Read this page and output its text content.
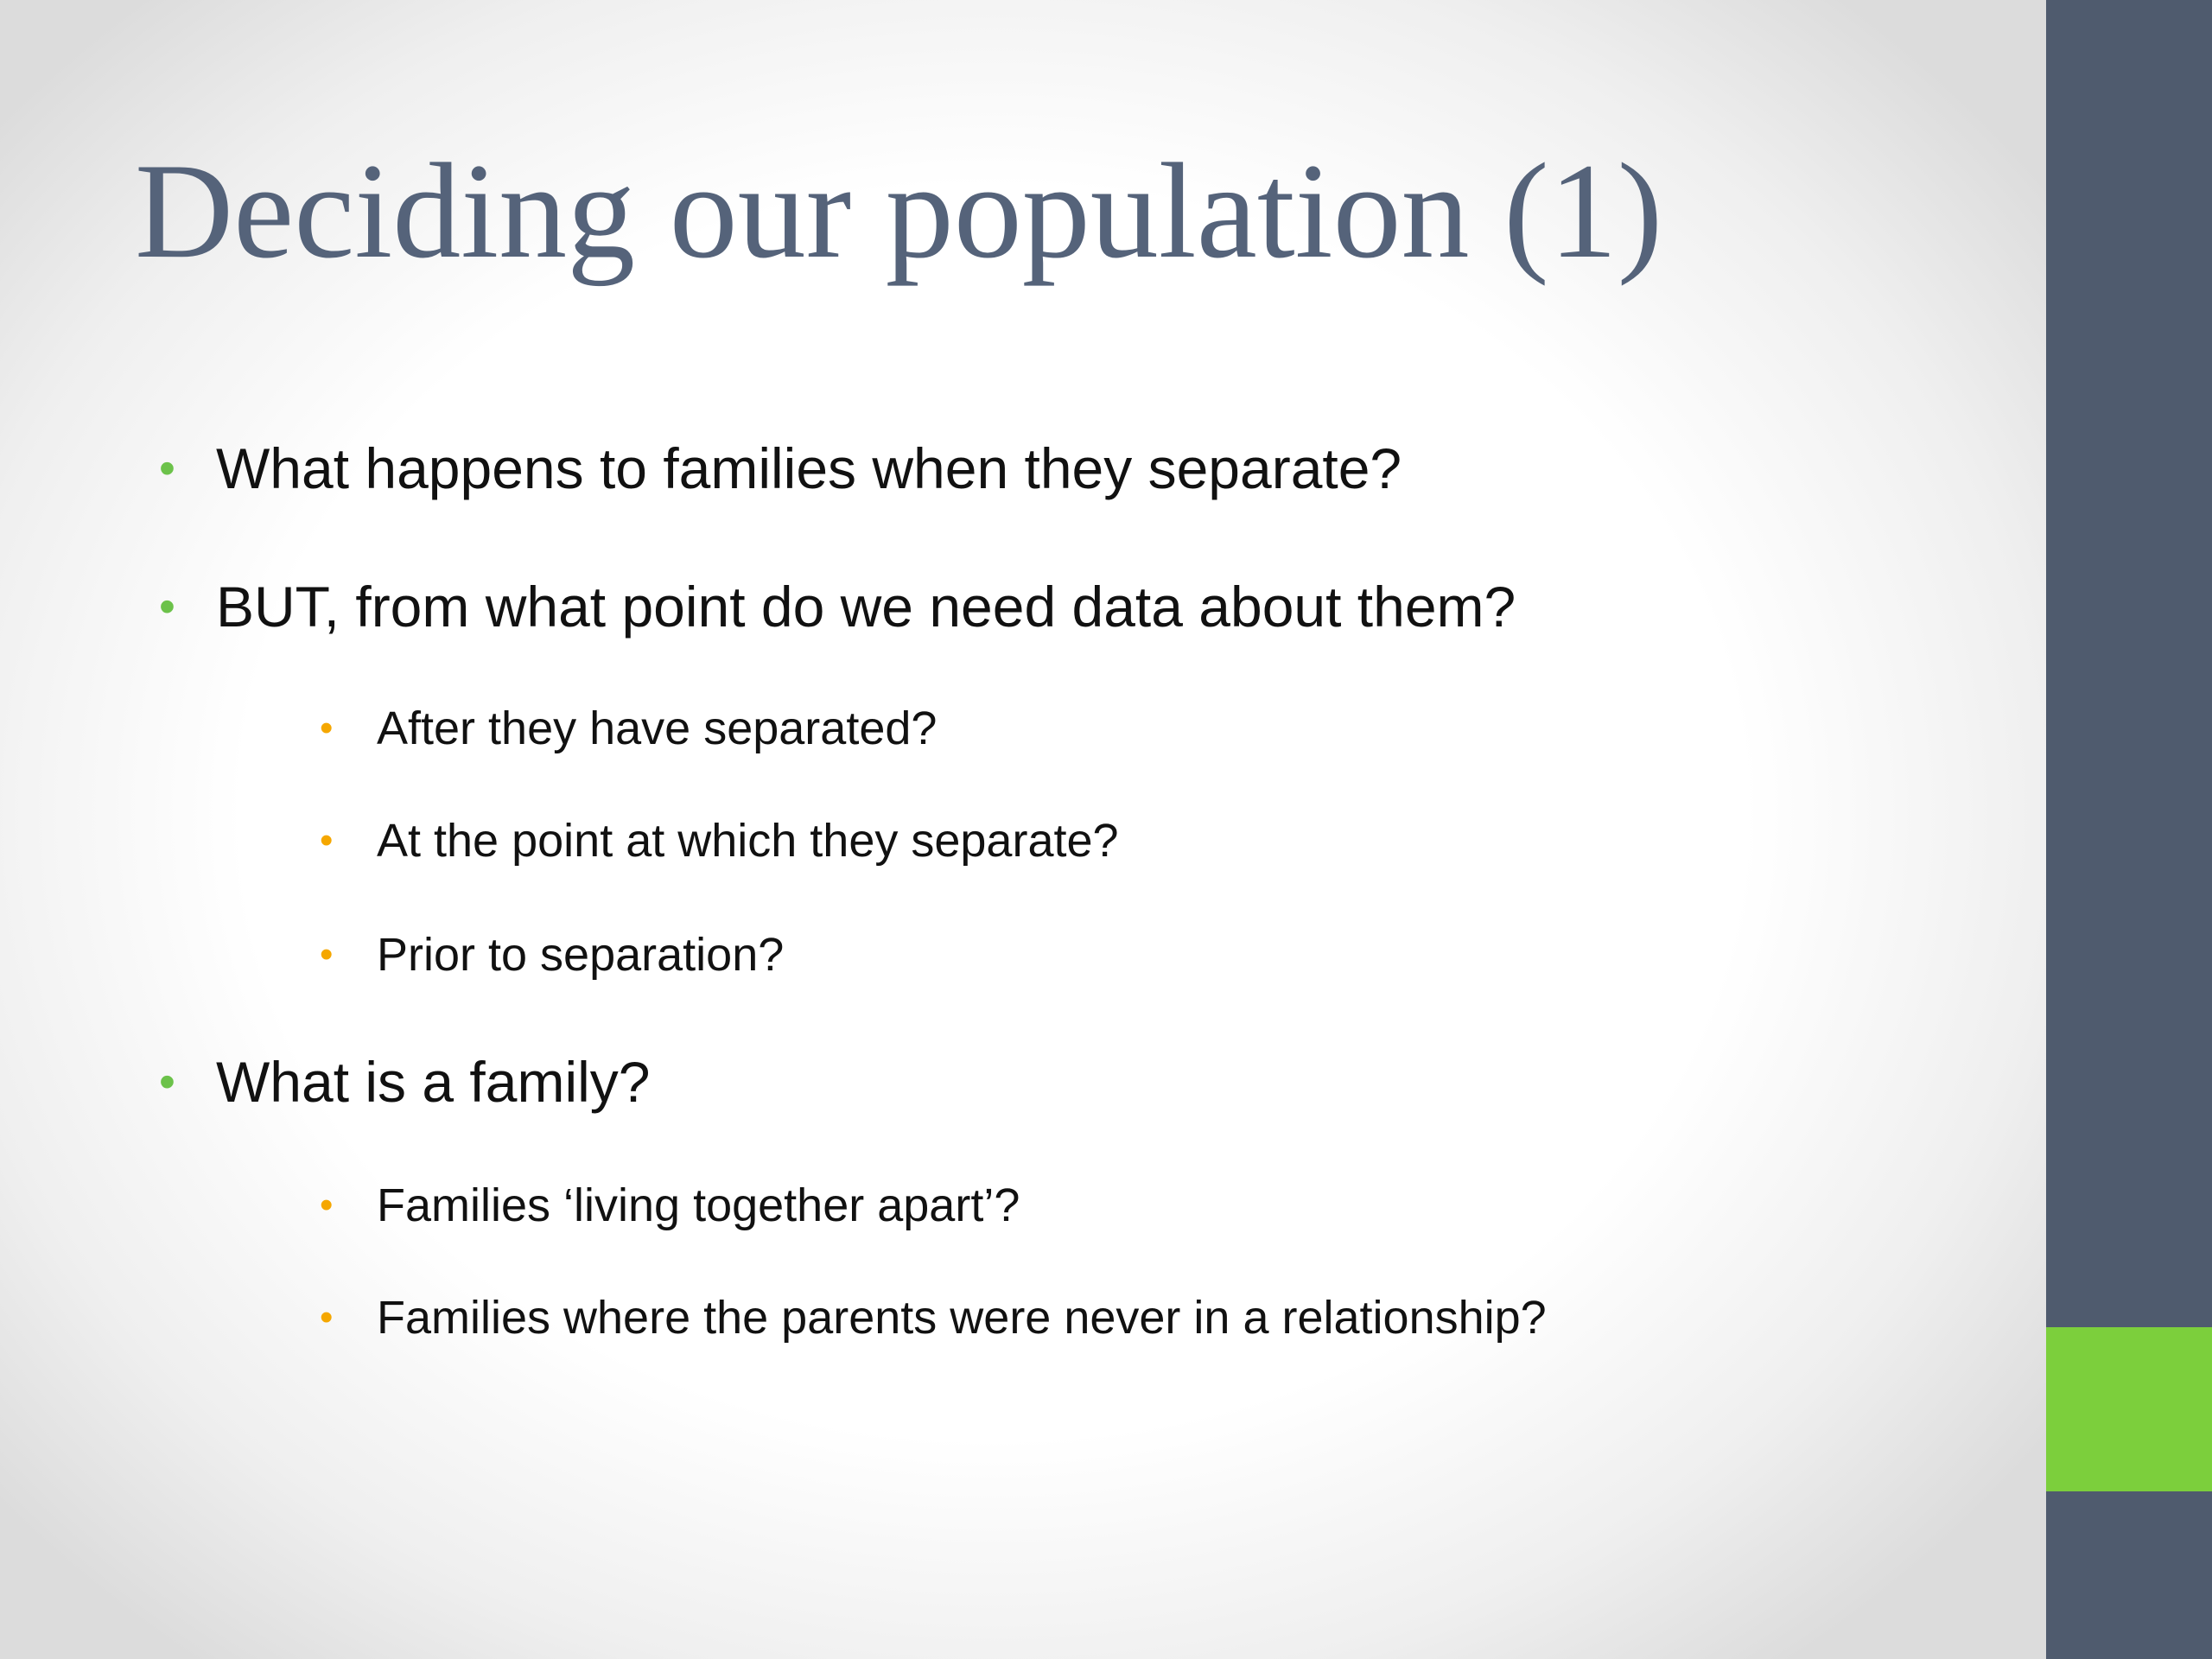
Deciding our population (1)
• What happens to families when they separate?
• BUT, from what point do we need data about them?
• After they have separated?
• At the point at which they separate?
• Prior to separation?
• What is a family?
• Families ‘living together apart’?
• Families where the parents were never in a relationship?
